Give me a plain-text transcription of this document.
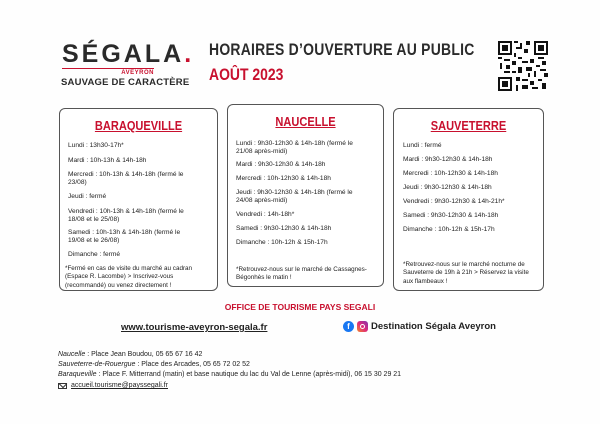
SÉGALA.
AVEYRON
SAUVAGE DE CARACTÈRE
HORAIRES D’OUVERTURE AU PUBLIC
AOÛT 2023
BARAQUEVILLE
Lundi : 13h30-17h*
Mardi : 10h-13h & 14h-18h
Mercredi : 10h-13h & 14h-18h (fermé le
23/08)
Jeudi : fermé
Vendredi : 10h-13h & 14h-18h (fermé le
18/08 et le 25/08)
Samedi : 10h-13h & 14h-18h (fermé le
19/08 et le 26/08)
Dimanche : fermé
*Fermé en cas de visite du marché au cadran (Espace R. Lacombe) > Inscrivez-vous (recommandé) ou venez directement !
NAUCELLE
Lundi : 9h30-12h30 & 14h-18h (fermé le
21/08 après-midi)
Mardi : 9h30-12h30 & 14h-18h
Mercredi : 10h-12h30 & 14h-18h
Jeudi : 9h30-12h30 & 14h-18h (fermé le
24/08 après-midi)
Vendredi : 14h-18h*
Samedi : 9h30-12h30 & 14h-18h
Dimanche : 10h-12h & 15h-17h
*Retrouvez-nous sur le marché de Cassagnes-Bégonhès le matin !
SAUVETERRE
Lundi : fermé
Mardi : 9h30-12h30 & 14h-18h
Mercredi : 10h-12h30 & 14h-18h
Jeudi : 9h30-12h30 & 14h-18h
Vendredi : 9h30-12h30 & 14h-21h*
Samedi : 9h30-12h30 & 14h-18h
Dimanche : 10h-12h & 15h-17h
*Retrouvez-nous sur le marché nocturne de Sauveterre de 19h à 21h > Réservez la visite aux flambeaux !
OFFICE DE TOURISME PAYS SEGALI
www.tourisme-aveyron-segala.fr	f	Destination Ségala Aveyron
Naucelle : Place Jean Boudou, 05 65 67 16 42
Sauveterre-de-Rouergue : Place des Arcades, 05 65 72 02 52
Baraqueville : Place F. Mitterrand (matin) et base nautique du lac du Val de Lenne (après-midi), 06 15 30 29 21
accueil.tourisme@payssegali.fr
